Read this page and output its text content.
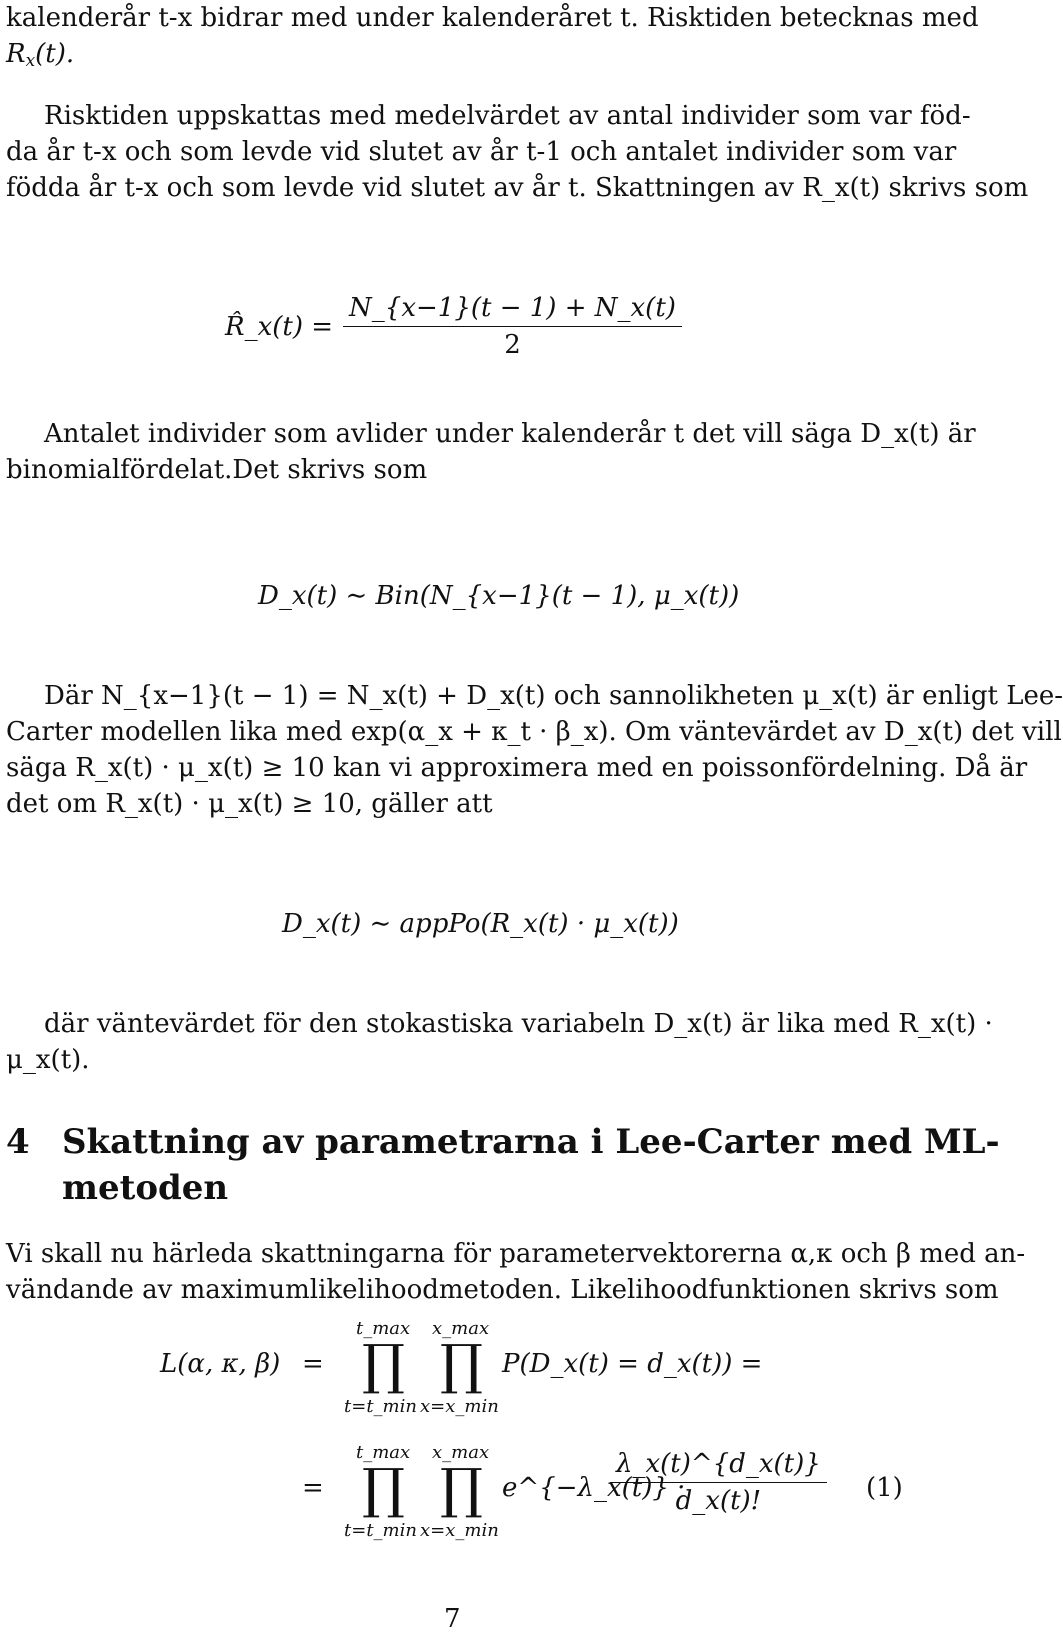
kalenderår t-x bidrar med under kalenderåret t. Risktiden betecknas med
$R_x(t)$.
Risktiden uppskattas med medelvärdet av antal individer som var föd-
da år t-x och som levde vid slutet av år t-1 och antalet individer som var
födda år t-x och som levde vid slutet av år t. Skattningen av R_x(t) skrivs som
R̂_x(t) = $\frac{N\_\{x-1\}(t - 1) + N\_x(t)}{2}$
Antalet individer som avlider under kalenderår t det vill säga D_x(t) är
binomialfördelat.Det skrivs som
D_x(t) ∼ Bin(N_{x−1}(t − 1), μ_x(t))
Där N_{x−1}(t − 1) = N_x(t) + D_x(t) och sannolikheten μ_x(t) är enligt Lee-
Carter modellen lika med exp(α_x + κ_t · β_x). Om väntevärdet av D_x(t) det vill
säga R_x(t) · μ_x(t) ≥ 10 kan vi approximera med en poissonfördelning. Då är
det om R_x(t) · μ_x(t) ≥ 10, gäller att
D_x(t) ∼ appPo(R_x(t) · μ_x(t))
där väntevärdet för den stokastiska variabeln D_x(t) är lika med R_x(t) ·
μ_x(t).
4 Skattning av parametrarna i Lee-Carter med ML-
metoden
Vi skall nu härleda skattningarna för parametervektorerna α,κ och β med an-
vändande av maximumlikelihoodmetoden. Likelihoodfunktionen skrivs som
L(α, κ, β) =
t_max
∏
t=t_min
x_max
∏
x=x_min
P(D_x(t) = d_x(t)) =
=
t_max
∏
t=t_min
x_max
∏
x=x_min
e^{−λ_x(t)} ·
$\frac{\lambda\_x(t)\^{}\{d\_x(t)\}}{d\_x(t)!} (1)$
7
